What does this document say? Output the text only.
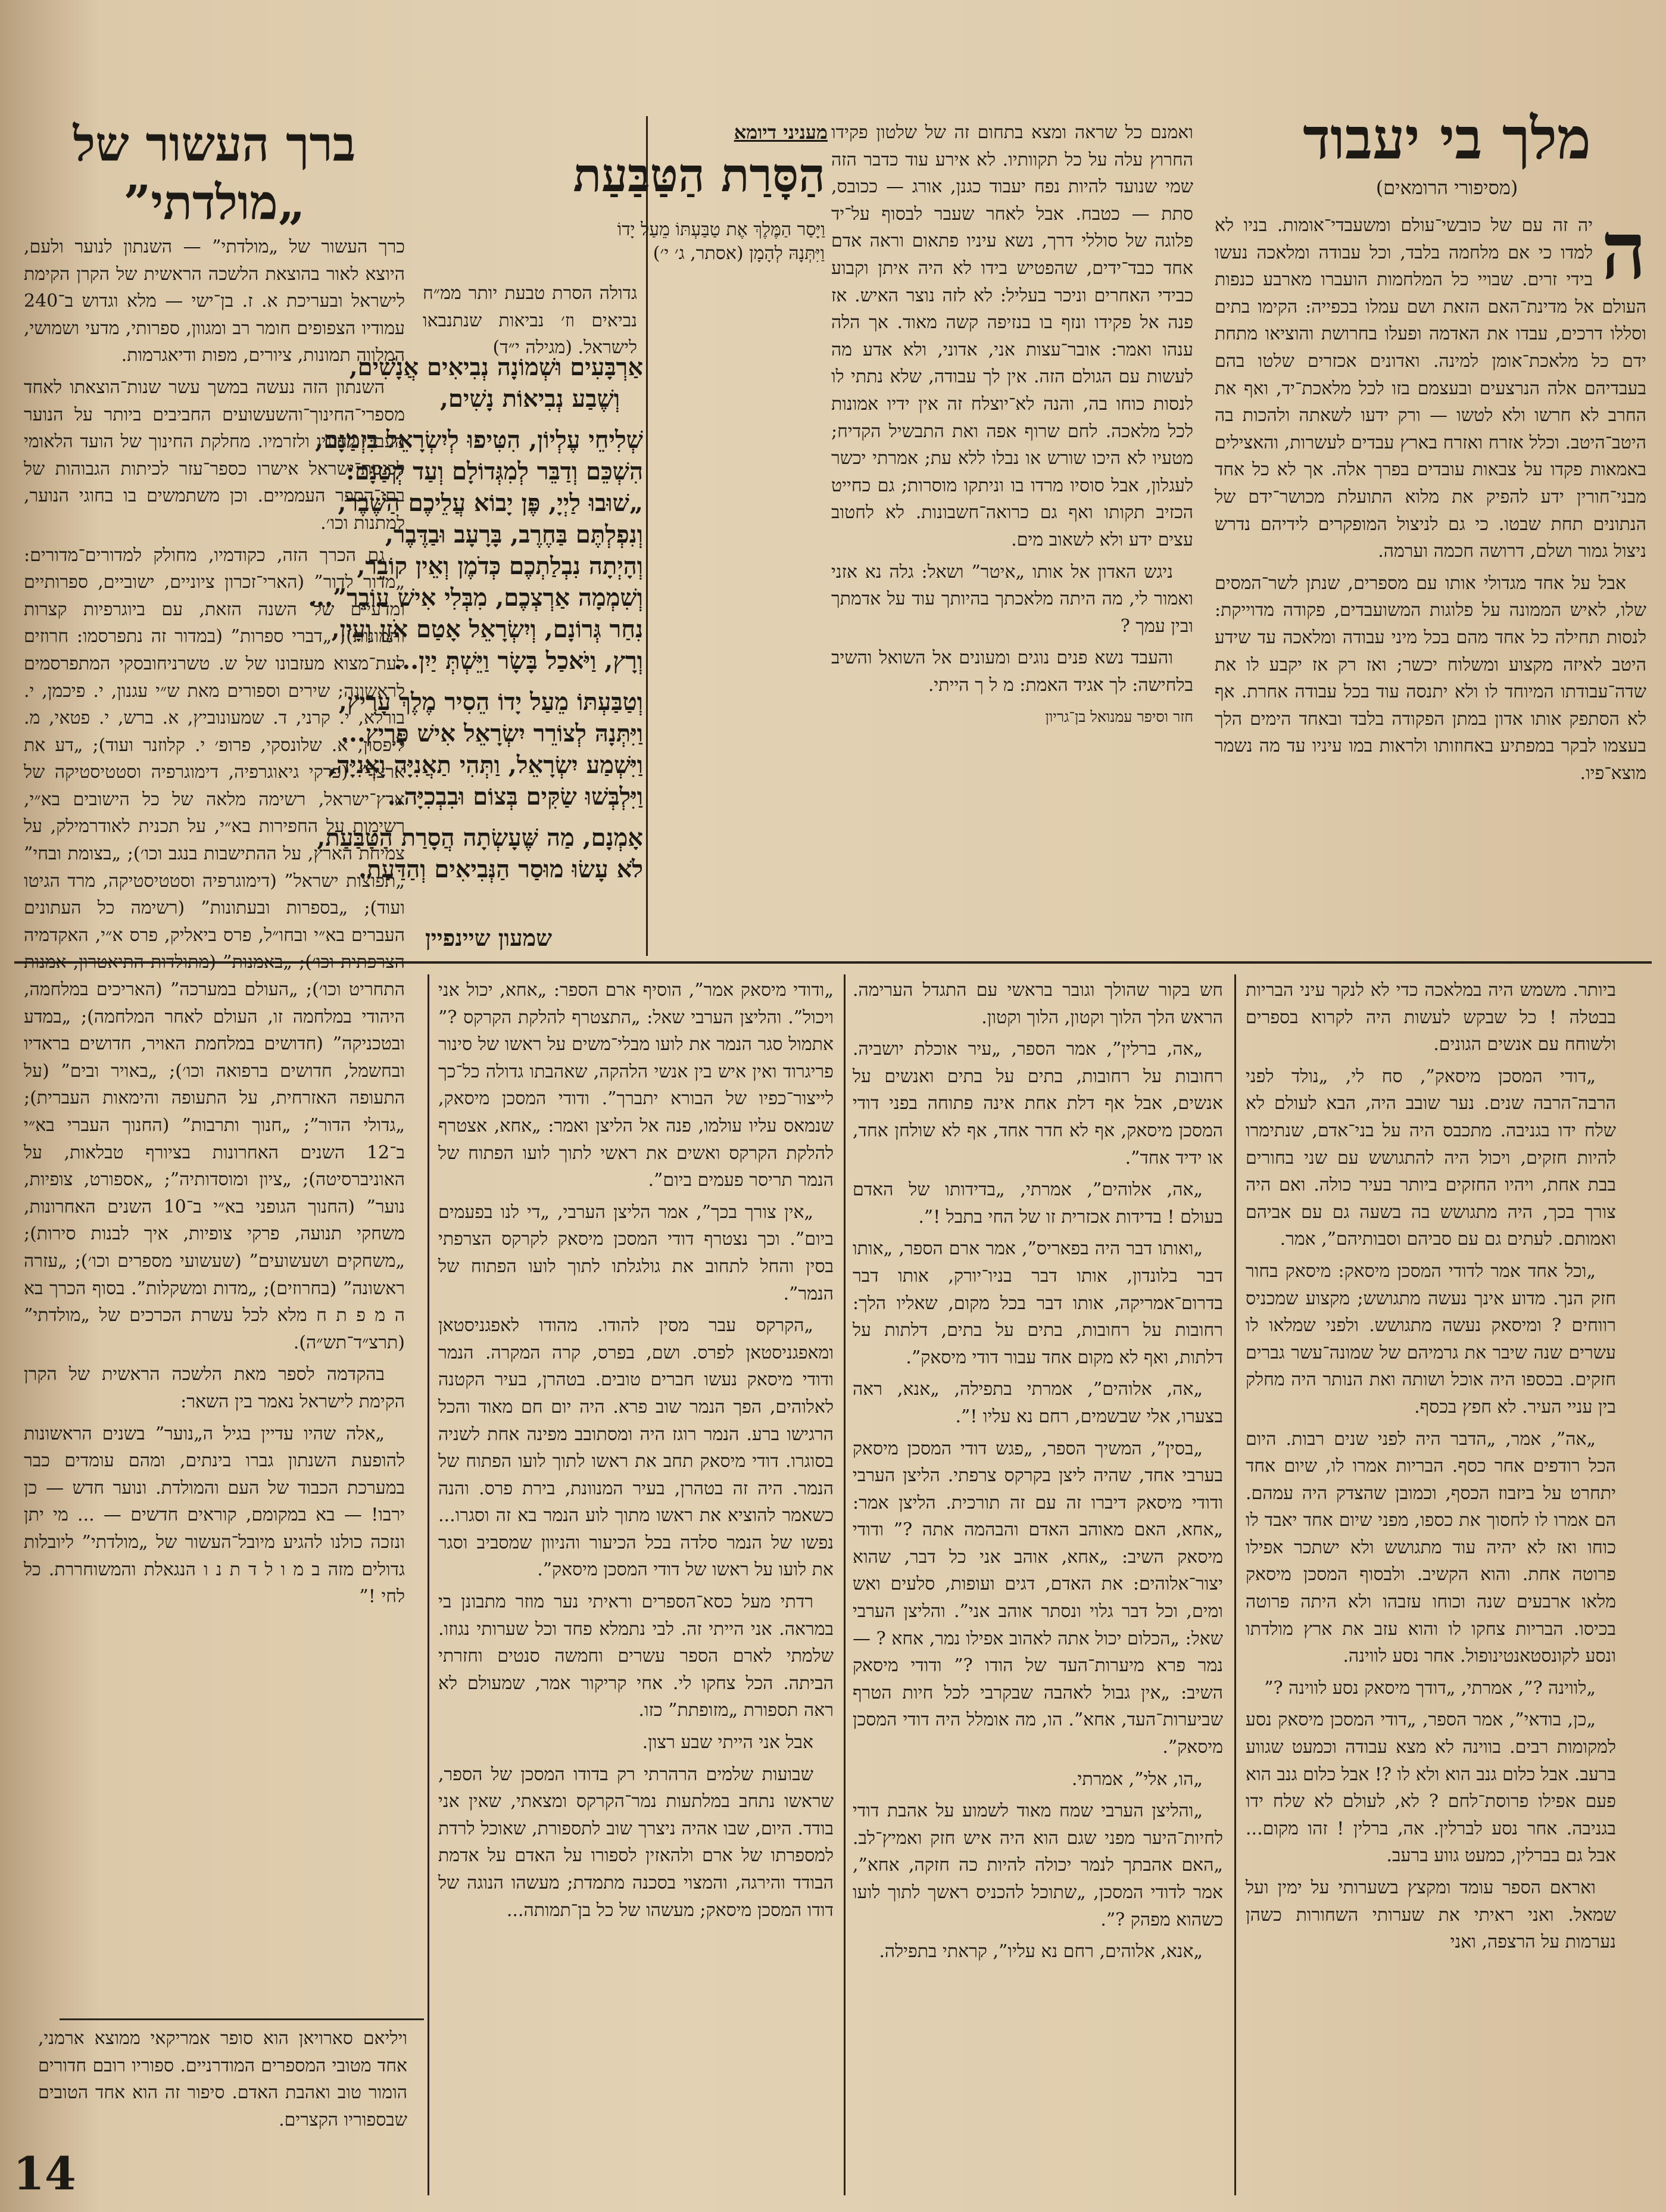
מלך בי יעבוד
(מסיפורי הרומאים)

ה
יה זה עם של כובשי־עולם ומשעבדי־אומות. בניו לא למדו כי אם מלחמה בלבד, וכל עבודה ומלאכה נעשו בידי זרים. שבויי כל המלחמות הועברו מארבע כנפות העולם אל מדינת־האם הזאת ושם עמלו בכפייה: הקימו בתים וסללו דרכים, עבדו את האדמה ופעלו בחרושת והוציאו מתחת ידם כל מלאכת־אומן למינה. ואדונים אכזרים שלטו בהם בעבדיהם אלה הנרצעים ובעצמם בזו לכל מלאכת־יד, ואף את החרב לא חרשו ולא לטשו — ורק ידעו לשאתה ולהכות בה היטב־היטב. וכלל אזרח ואזרח בארץ עבדים לעשרות, והאצילים באמאות פקדו על צבאות עובדים בפרך אלה. אך לא כל אחד מבני־חורין ידע להפיק את מלוא התועלת מכושר־ידם של הנתונים תחת שבטו. כי גם לניצול המופקרים לידיהם נדרש ניצול גמור ושלם, דרושה חכמה וערמה.

אבל על אחד מגדולי אותו עם מספרים, שנתן לשר־המסים שלו, לאיש הממונה על פלוגות המשועבדים, פקודה מדוייקת: לנסות תחילה כל אחד מהם בכל מיני עבודה ומלאכה עד שידע היטב לאיזה מקצוע ומשלוח יכשר; ואז רק אז יקבע לו את שדה־עבודתו המיוחד לו ולא יתנסה עוד בכל עבודה אחרת. אף לא הסתפק אותו אדון במתן הפקודה בלבד ובאחד הימים הלך בעצמו לבקר במפתיע באחוזותו ולראות במו עיניו עד מה נשמר מוצא־פיו.

ואמנם כל שראה ומצא בתחום זה של שלטון פקידו החרוץ עלה על כל תקוותיו. לא אירע עוד כדבר הזה שמי שנועד להיות נפח יעבוד כגנן, אורג — ככובס, סתת — כטבח. אבל לאחר שעבר לבסוף על־יד פלוגה של סוללי דרך, נשא עיניו פתאום וראה אדם אחד כבד־ידים, שהפטיש בידו לא היה איתן וקבוע כבידי האחרים וניכר בעליל: לא לזה נוצר האיש. אז פנה אל פקידו ונזף בו בנזיפה קשה מאוד. אך הלה ענהו ואמר: אובר־עצות אני, אדוני, ולא אדע מה לעשות עם הגולם הזה. אין לך עבודה, שלא נתתי לו לנסות כוחו בה, והנה לא־יוצלח זה אין ידיו אמונות לכל מלאכה. לחם שרוף אפה ואת התבשיל הקדיח; מטעיו לא היכו שורש או נבלו ללא עת; אמרתי יכשר לעגלון, אבל סוסיו מרדו בו וניתקו מוסרות; גם כחייט הכזיב תקותו ואף גם כרואה־חשבונות. לא לחטוב עצים ידע ולא לשאוב מים.

ניגש האדון אל אותו „איטר” ושאל: גלה נא אזני ואמור לי, מה היתה מלאכתך בהיותך עוד על אדמתך ובין עמך ?

והעבד נשא פנים נוגים ומעונים אל השואל והשיב בלחישה: לך אגיד האמת: מ ל ך הייתי.

חזר וסיפר עמנואל בן־גריון
מעניני דיומא
הַסָּרַת הַטַּבַּעַת
וַיָּסַר הַמֶּלֶךְ אֶת טַבַּעְתּוֹ מֵעַל יָדוֹ
וַיִּתְּנָהּ לְהָמָן (אסתר, ג׳ י׳)

גדולה הסרת טבעת יותר ממ״ח נביאים וז׳ נביאות שנתנבאו לישראל. (מגילה י״ד)

אַרְבָּעִים וּשְׁמוֹנָה נְבִיאִים אֲנָשִׁים,
וְשֶׁבַע נְבִיאוֹת נָשִׁים,
שְׁלִיחֵי עֶלְיוֹן, הִטִּיפוּ לְיִשְׂרָאֵל בִּזְמַנָּם,
הִשְׁכֵּם וְדַבֵּר לְמִגְּדוֹלָם וְעַד קְטַנָּם:
„שׁוּבוּ לַיְיָ, פֶּן יָבוֹא עֲלֵיכֶם הַשֶּׁבֶר,
וְנִפְלְתֶּם בַּחֶרֶב, בָּרָעָב וּבַדֶּבֶר,
וְהָיְתָה נִבְלַתְכֶם כְּדֹמֶן וְאֵין קוֹבֵר,
וְשִׁמְמָה אַרְצְכֶם, מִבְּלִי אִישׁ עוֹבֵר”...
נִחַר גְּרוֹנָם, וְיִשְׂרָאֵל אָטַם אֹזֶן וְעָיִן,
וְרָץ, וַיֹּאכַל בָּשָׂר וַיֵּשְׁתְּ יַיִן...
וְטַבַּעְתּוֹ מֵעַל יָדוֹ הֵסִיר מֶלֶךְ עָרִיץ,
וַיִּתְּנָהּ לְצוֹרֵר יִשְׂרָאֵל אִישׁ פָּרִיץ...
וַיִּשְׁמַע יִשְׂרָאֵל, וַתְּהִי תַאֲנִיָּה וַאֲנִיָּה,
וַיִּלְבְּשׁוּ שַׂקִּים בְּצוֹם וּבִבְכִיָּה..
אָמְנָם, מַה שֶּׁעָשְׂתָה הֲסָרַת הַטַּבַּעַת,
לֹא עָשׂוּ מוּסַר הַנְּבִיאִים וְהַדַּעַת.
שמעון שיינפיין
ברך העשור של
„מולדתי”

כרך העשור של „מולדתי” — השנתון לנוער ולעם, היוצא לאור בהוצאת הלשכה הראשית של הקרן הקימת לישראל ובעריכת א. ז. בן־ישי — מלא וגדוש ב־240 עמודיו הצפופים חומר רב ומגוון, ספרותי, מדעי ושמושי, המלווה תמונות, ציורים, מפות ודיאגרמות.

השנתון הזה נעשה במשך עשר שנות־הוצאתו לאחד מספרי־החינוך־והשעשועים החביבים ביותר על הנוער העברי לחוגיו ולזרמיו. מחלקת החינוך של הועד הלאומי לכנסת־ישראל אישרו כספר־עזר לכיתות הגבוהות של בתי־הספר העממיים. וכן משתמשים בו בחוגי הנוער, למתנות וכו׳.

גם הכרך הזה, כקודמיו, מחולק למדורים־מדורים: „מדור לדור” (הארי־זכרון ציוניים, ישוביים, ספרותיים ומדעיים של השנה הזאת, עם ביוגרפיות קצרות ותמונות); „דברי ספרות” (במדור זה נתפרסמו: חרוזים לעת־מצוא מעזבונו של ש. טשרניחובסקי המתפרסמים לראשונה; שירים וספורים מאת ש״י עגנון, י. פיכמן, י. בורלא, י. קרני, ד. שמעונוביץ, א. ברש, י. פטאי, מ. ליפסון, א. שלונסקי, פרופ׳ י. קלוזנר ועוד); „דע את ארצך” (פרקי גיאוגרפיה, דימוגרפיה וסטטיסטיקה של ארץ־ישראל, רשימה מלאה של כל הישובים בא״י, רשימות על החפירות בא״י, על תכנית לאודרמילק, על צמיחת הארץ, על ההתישבות בנגב וכו׳); „בצומת ובחי” „תפוצות ישראל” (דימוגרפיה וסטטיסטיקה, מרד הגיטו ועוד); „בספרות ובעתונות” (רשימה כל העתונים העברים בא״י ובחו״ל, פרס ביאליק, פרס א״י, האקדמיה הצרפתית וכו׳); „באמנות” (מתולדות התיאטרון, אמנות התחריט וכו׳); „העולם במערכה” (האריכים במלחמה, היהודי במלחמה זו, העולם לאחר המלחמה); „במדע ובטכניקה” (חדושים במלחמת האויר, חדושים בראדיו ובחשמל, חדושים ברפואה וכו׳); „באויר ובים” (על התעופה האזרחית, על התעופה והימאות העברית); „גדולי הדור”; „חנוך ותרבות” (החנוך העברי בא״י ב־12 השנים האחרונות בציורף טבלאות, על האוניברסיטה); „ציון ומוסדותיה”; „אספורט, צופיות, נוער” (החנוך הגופני בא״י ב־10 השנים האחרונות, משחקי תנועה, פרקי צופיות, איך לבנות סירות); „משחקים ושעשועים” (שעשועי מספרים וכו׳); „עזרה ראשונה” (בחרוזים); „מדות ומשקלות”. בסוף הכרך בא ה מ פ ת ח מלא לכל עשרת הכרכים של „מולדתי” (תרצ״ד־תש״ה).

בהקדמה לספר מאת הלשכה הראשית של הקרן הקימת לישראל נאמר בין השאר:

„אלה שהיו עדיין בגיל ה„נוער” בשנים הראשונות להופעת השנתון גברו בינתים, ומהם עומדים כבר במערכת הכבוד של העם והמולדת. ונוער חדש — כן ירבו! — בא במקומם, קוראים חדשים — ... מי יתן ונזכה כולנו להגיע מיובל־העשור של „מולדתי” ליובלות גדולים מזה ב מ ו ל ד ת נ ו הנגאלת והמשוחררת. כל לחי !”

ויליאם סארויאן הוא סופר אמריקאי ממוצא ארמני, אחד מטובי המספרים המודרניים. ספוריו רובם חדורים הומור טוב ואהבת האדם. סיפור זה הוא אחד הטובים שבספוריו הקצרים.

ביותר. משמש היה במלאכה כדי לא לנקר עיני הבריות בבטלה ! כל שבקש לעשות היה לקרוא בספרים ולשוחח עם אנשים הגונים.

„דודי המסכן מיסאק”, סח לי, „נולד לפני הרבה־הרבה שנים. נער שובב היה, הבא לעולם לא שלח ידו בגניבה. מתכבס היה על בני־אדם, שנתימרו להיות חזקים, ויכול היה להתגושש עם שני בחורים בבת אחת, ויהיו החזקים ביותר בעיר כולה. ואם היה צורך בכך, היה מתגושש בה בשעה גם עם אביהם ואמותם. לעתים גם עם סביהם וסבותיהם”, אמר.

„וכל אחד אמר לדודי המסכן מיסאק: מיסאק בחור חזק הנך. מדוע אינך נעשה מתגושש; מקצוע שמכניס רווחים ? ומיסאק נעשה מתגושש. ולפני שמלאו לו עשרים שנה שיבר את גרמיהם של שמונה־עשר גברים חזקים. בכספו היה אוכל ושותה ואת הנותר היה מחלק בין עניי העיר. לא חפץ בכסף.

„אה”, אמר, „הדבר היה לפני שנים רבות. היום הכל רודפים אחר כסף. הבריות אמרו לו, שיום אחד יתחרט על ביזבוז הכסף, וכמובן שהצדק היה עמהם. הם אמרו לו לחסוך את כספו, מפני שיום אחד יאבד לו כוחו ואז לא יהיה עוד מתגושש ולא ישתכר אפילו פרוטה אחת. והוא הקשיב. ולבסוף המסכן מיסאק מלאו ארבעים שנה וכוחו עזבהו ולא היתה פרוטה בכיסו. הבריות צחקו לו והוא עזב את ארץ מולדתו ונסע לקונסטאנטינופול. אחר נסע לווינה.

„לווינה ?”, אמרתי, „דודך מיסאק נסע לווינה ?”

„כן, בודאי”, אמר הספר, „דודי המסכן מיסאק נסע למקומות רבים. בווינה לא מצא עבודה וכמעט שגווע ברעב. אבל כלום גנב הוא ולא לו ?! אבל כלום גנב הוא פעם אפילו פרוסת־לחם ? לא, לעולם לא שלח ידו בגניבה. אחר נסע לברלין. אה, ברלין ! זהו מקום... אבל גם בברלין, כמעט גווע ברעב.

ואראם הספר עומד ומקצץ בשערותי על ימין ועל שמאל. ואני ראיתי את שערותי השחורות כשהן נערמות על הרצפה, ואני

חש בקור שהולך וגובר בראשי עם התגדל הערימה. הראש הלך הלוך וקטון, הלוך וקטון.

„אה, ברלין”, אמר הספר, „עיר אוכלת יושביה. רחובות על רחובות, בתים על בתים ואנשים על אנשים, אבל אף דלת אחת אינה פתוחה בפני דודי המסכן מיסאק, אף לא חדר אחד, אף לא שולחן אחד, או ידיד אחד”.

„אה, אלוהים”, אמרתי, „בדידותו של האדם בעולם ! בדידות אכזרית זו של החי בתבל !”.

„ואותו דבר היה בפאריס”, אמר ארם הספר, „אותו דבר בלונדון, אותו דבר בניו־יורק, אותו דבר בדרום־אמריקה, אותו דבר בכל מקום, שאליו הלך: רחובות על רחובות, בתים על בתים, דלתות על דלתות, ואף לא מקום אחד עבור דודי מיסאק”.

„אה, אלוהים”, אמרתי בתפילה, „אנא, ראה בצערו, אלי שבשמים, רחם נא עליו !”.

„בסין”, המשיך הספר, „פגש דודי המסכן מיסאק בערבי אחד, שהיה ליצן בקרקס צרפתי. הליצן הערבי ודודי מיסאק דיברו זה עם זה תורכית. הליצן אמר: „אחא, האם מאוהב האדם והבהמה אתה ?” ודודי מיסאק השיב: „אחא, אוהב אני כל דבר, שהוא יצור־אלוהים: את האדם, דגים ועופות, סלעים ואש ומים, וכל דבר גלוי ונסתר אוהב אני”. והליצן הערבי שאל: „הכלום יכול אתה לאהוב אפילו נמר, אחא ? — נמר פרא מיערות־העד של הודו ?” ודודי מיסאק השיב: „אין גבול לאהבה שבקרבי לכל חיות הטרף שביערות־העד, אחא”. הו, מה אומלל היה דודי המסכן מיסאק”.

„הו, אלי”, אמרתי.

„והליצן הערבי שמח מאוד לשמוע על אהבת דודי לחיות־היער מפני שגם הוא היה איש חזק ואמיץ־לב. „האם אהבתך לנמר יכולה להיות כה חזקה, אחא”, אמר לדודי המסכן, „שתוכל להכניס ראשך לתוך לועו כשהוא מפהק ?”.

„אנא, אלוהים, רחם נא עליו”, קראתי בתפילה.

„ודודי מיסאק אמר”, הוסיף ארם הספר: „אחא, יכול אני ויכול”. והליצן הערבי שאל: „התצטרף להלקת הקרקס ?” אתמול סגר הנמר את לועו מבלי־משים על ראשו של סינור פריגרוד ואין איש בין אנשי הלהקה, שאהבתו גדולה כל־כך לייצור־כפיו של הבורא יתברך”. ודודי המסכן מיסאק, שנמאס עליו עולמו, פנה אל הליצן ואמר: „אחא, אצטרף להלקת הקרקס ואשים את ראשי לתוך לועו הפתוח של הנמר תריסר פעמים ביום”.

„אין צורך בכך”, אמר הליצן הערבי, „די לנו בפעמים ביום”. וכך נצטרף דודי המסכן מיסאק לקרקס הצרפתי בסין והחל לתחוב את גולגלתו לתוך לועו הפתוח של הנמר”.

„הקרקס עבר מסין להודו. מהודו לאפגניסטאן ומאפגניסטאן לפרס. ושם, בפרס, קרה המקרה. הנמר ודודי מיסאק נעשו חברים טובים. בטהרן, בעיר הקטנה לאלוהים, הפך הנמר שוב פרא. היה יום חם מאוד והכל הרגישו ברע. הנמר רוגז היה ומסתובב מפינה אחת לשניה בסוגרו. דודי מיסאק תחב את ראשו לתוך לועו הפתוח של הנמר. היה זה בטהרן, בעיר המנוונת, בירת פרס. והנה כשאמר להוציא את ראשו מתוך לוע הנמר בא זה וסגרו... נפשו של הנמר סלדה בכל הכיעור והניוון שמסביב וסגר את לועו על ראשו של דודי המסכן מיסאק”.

רדתי מעל כסא־הספרים וראיתי נער מוזר מתבונן בי במראה. אני הייתי זה. לבי נתמלא פחד וכל שערותי נגוזו. שלמתי לארם הספר עשרים וחמשה סנטים וחזרתי הביתה. הכל צחקו לי. אחי קריקור אמר, שמעולם לא ראה תספורת „מזופתת” כזו.

אבל אני הייתי שבע רצון.

שבועות שלמים הרהרתי רק בדודו המסכן של הספר, שראשו נתחב במלתעות נמר־הקרקס ומצאתי, שאין אני בודד. היום, שבו אהיה ניצרך שוב לתספורת, שאוכל לרדת למספרתו של ארם ולהאזין לספורו על האדם על אדמת הבודד והירגה, והמצוי בסכנה מתמדת; מעשהו הנוגה של דודו המסכן מיסאק; מעשהו של כל בן־תמותה...

14
